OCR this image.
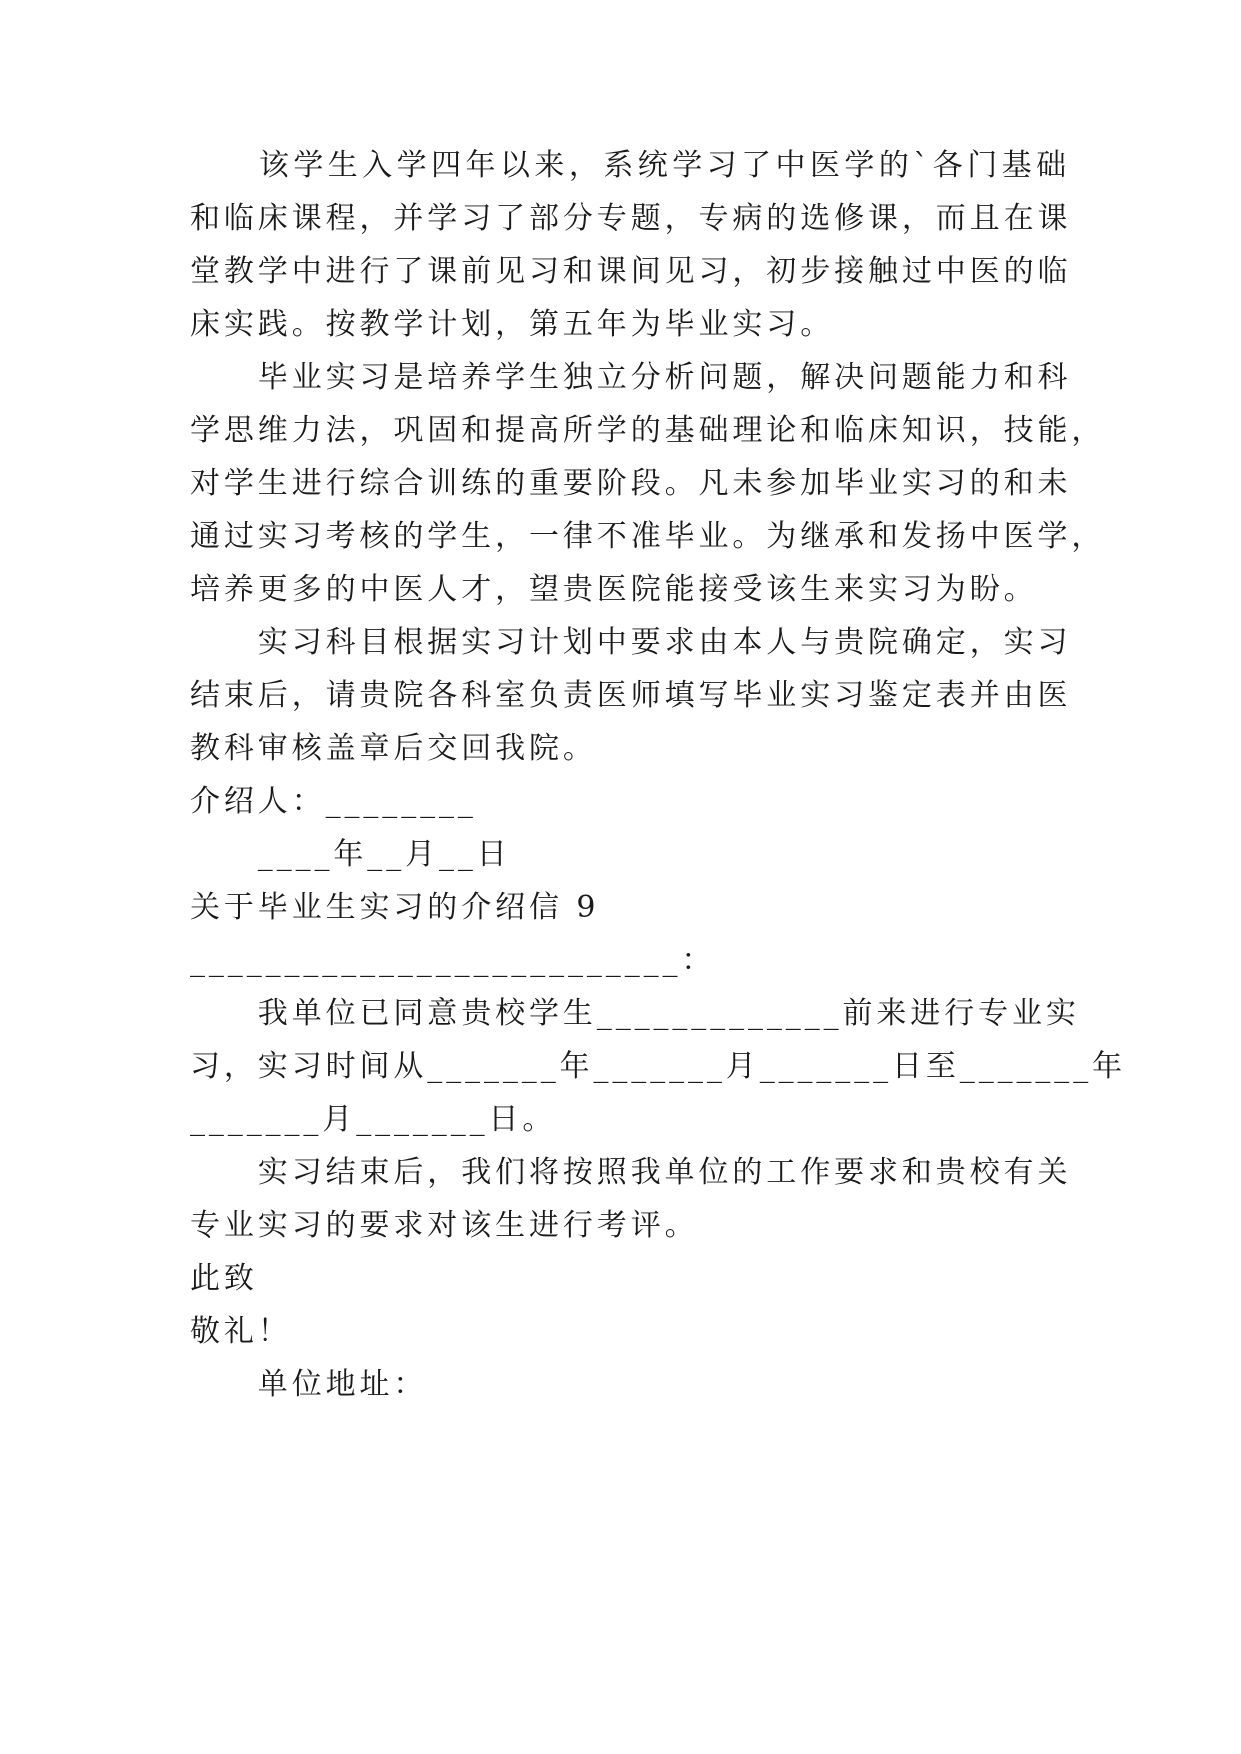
　　该学生入学四年以来，系统学习了中医学的`各门基础
和临床课程，并学习了部分专题，专病的选修课，而且在课
堂教学中进行了课前见习和课间见习，初步接触过中医的临
床实践。按教学计划，第五年为毕业实习。
　　毕业实习是培养学生独立分析问题，解决问题能力和科
学思维力法，巩固和提高所学的基础理论和临床知识，技能，
对学生进行综合训练的重要阶段。凡未参加毕业实习的和未
通过实习考核的学生，一律不准毕业。为继承和发扬中医学，
培养更多的中医人才，望贵医院能接受该生来实习为盼。
　　实习科目根据实习计划中要求由本人与贵院确定，实习
结束后，请贵院各科室负责医师填写毕业实习鉴定表并由医
教科审核盖章后交回我院。
介绍人：________
　　____年__月__日
关于毕业生实习的介绍信 9
__________________________：
　　我单位已同意贵校学生_____________前来进行专业实
习，实习时间从_______年_______月_______日至_______年
_______月_______日。
　　实习结束后，我们将按照我单位的工作要求和贵校有关
专业实习的要求对该生进行考评。
此致
敬礼！
　　单位地址：
